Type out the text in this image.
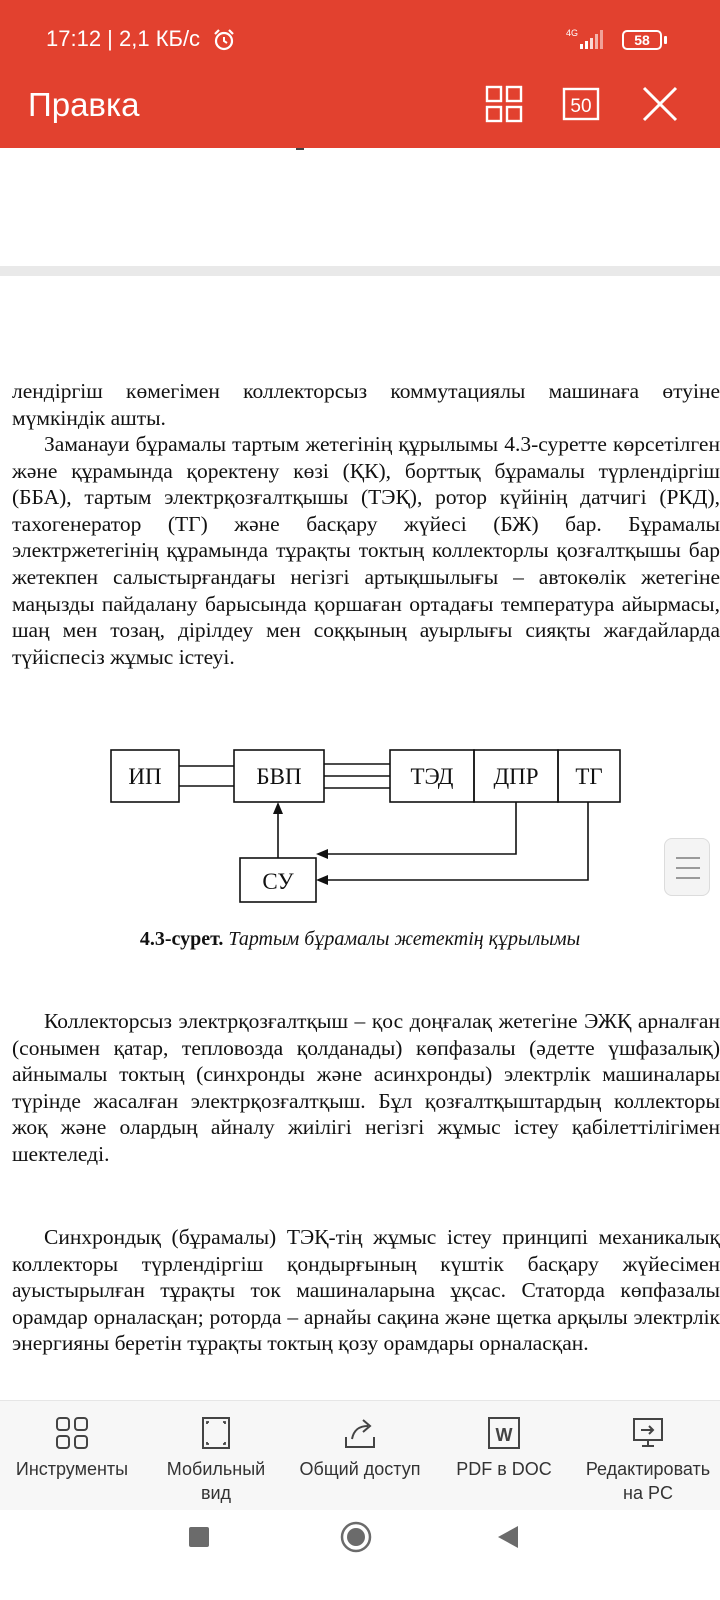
17:12 | 2,1 КБ/с	4G	58
Правка	50
лендіргіш көмегімен коллекторсыз коммутациялы машинаға өтуіне мүмкіндік ашты.
Заманауи бұрамалы тартым жетегінің құрылымы 4.3-суретте көрсетілген және құрамында қоректену көзі (ҚК), борттық бұрамалы түрлендіргіш (ББА), тартым электрқозғалтқышы (ТЭҚ), ротор күйінің датчигі (РКД), тахогенератор (ТГ) және басқару жүйесі (БЖ) бар. Бұрамалы электржетегінің құрамында тұрақты токтың коллекторлы қозғалтқышы бар жетекпен салыстырғандағы негізгі артықшылығы – автокөлік жетегіне маңызды пайдалану барысында қоршаған ортадағы температура айырмасы, шаң мен тозаң, дірілдеу мен соққының ауырлығы сияқты жағдайларда түйіспесіз жұмыс істеуі.
ИП	БВП	ТЭД ДПР ТГ
СУ
4.3-сурет. Тартым бұрамалы жетектің құрылымы
Коллекторсыз электрқозғалтқыш – қос доңғалақ жетегіне ЭЖҚ арналған (сонымен қатар, тепловозда қолданады) көпфазалы (әдетте үшфазалық) айнымалы токтың (синхронды және асинхронды) электрлік машиналары түрінде жасалған электрқозғалтқыш. Бұл қозғалтқыштардың коллекторы жоқ және олардың айналу жиілігі негізгі жұмыс істеу қабілеттілігімен шектеледі.
Синхрондық (бұрамалы) ТЭҚ-тің жұмыс істеу принципі механикалық коллекторы түрлендіргіш қондырғының күштік басқару жүйесімен ауыстырылған тұрақты ток машиналарына ұқсас. Статорда көпфазалы орамдар орналасқан; роторда – арнайы сақина және щетка арқылы электрлік энергияны беретін тұрақты токтың қозу орамдары орналасқан.
Инструменты	Мобильный вид
Общий доступ
W
PDF в DOC	Редактировать на PC
